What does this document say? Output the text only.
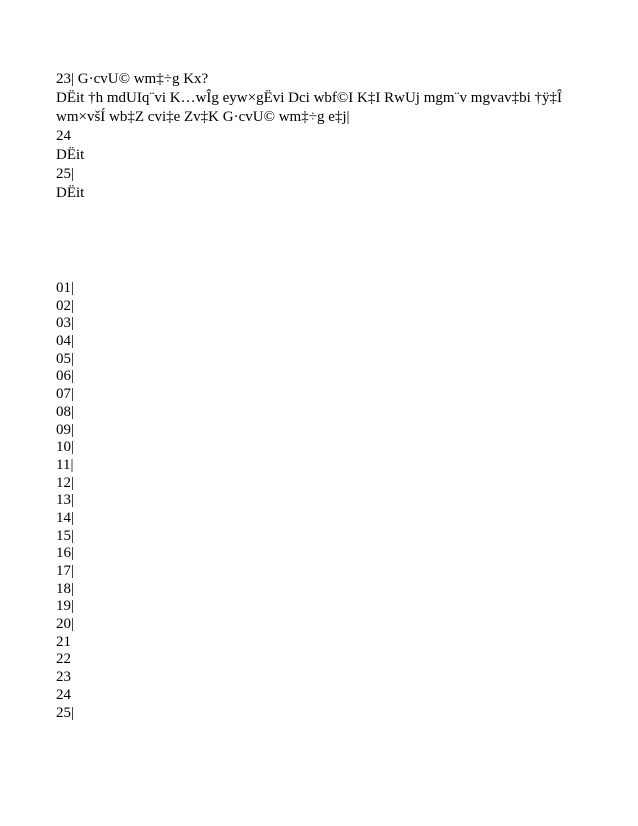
23| G·cvU© wm‡÷g Kx?
DËit †h mdUIq¨vi K…wÎg eyw×gËvi Dci wbf©I K‡I RwUj mgm¨v mgvav‡bi †ÿ‡Î
wm×všÍ wb‡Z cvi‡e Zv‡K G·cvU© wm‡÷g e‡j|
24
DËit
25|
DËit
01|
02|
03|
04|
05|
06|
07|
08|
09|
10|
11|
12|
13|
14|
15|
16|
17|
18|
19|
20|
21
22
23
24
25|
